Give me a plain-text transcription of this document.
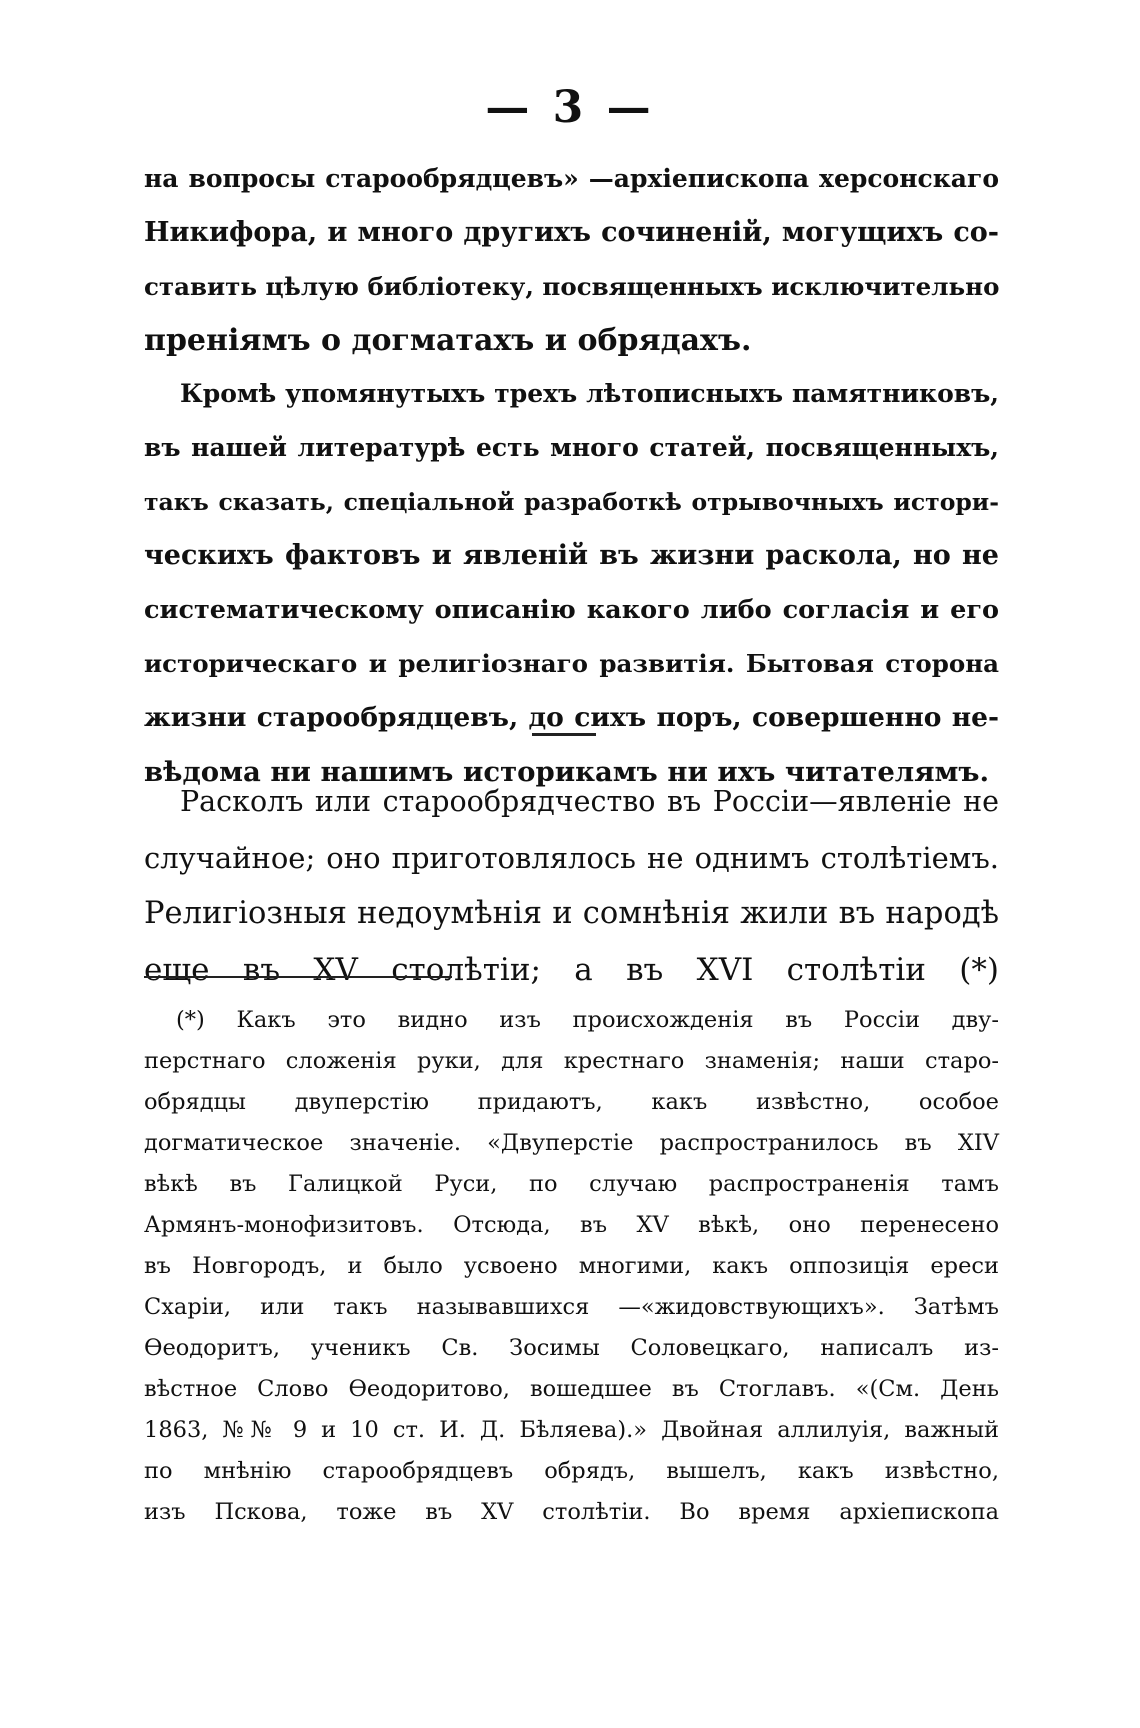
— 3 —
на вопросы старообрядцевъ» —архіепископа херсонскаго
Никифора, и много другихъ сочиненій, могущихъ со-
ставить цѣлую библіотеку, посвященныхъ исключительно
преніямъ о догматахъ и обрядахъ.
Кромѣ упомянутыхъ трехъ лѣтописныхъ памятниковъ,
въ нашей литературѣ есть много статей, посвященныхъ,
такъ сказать, спеціальной разработкѣ отрывочныхъ истори-
ческихъ фактовъ и явленій въ жизни раскола, но не
систематическому описанію какого либо согласія и его
историческаго и религіознаго развитія. Бытовая сторона
жизни старообрядцевъ, до сихъ поръ, совершенно не-
вѣдома ни нашимъ историкамъ ни ихъ читателямъ.
Расколъ или старообрядчество въ Россіи—явленіе не
случайное; оно приготовлялось не однимъ столѣтіемъ.
Религіозныя недоумѣнія и сомнѣнія жили въ народѣ
еще въ XV столѣтіи; а въ XVI столѣтіи (*)
(*) Какъ это видно изъ происхожденія въ Россіи дву-
перстнаго сложенія руки, для крестнаго знаменія; наши старо-
обрядцы двуперстію придаютъ, какъ извѣстно, особое
догматическое значеніе. «Двуперстіе распространилось въ XIV
вѣкѣ въ Галицкой Руси, по случаю распространенія тамъ
Армянъ-монофизитовъ. Отсюда, въ XV вѣкѣ, оно перенесено
въ Новгородъ, и было усвоено многими, какъ оппозиція ереси
Схаріи, или такъ называвшихся —«жидовствующихъ». Затѣмъ
Ѳеодоритъ, ученикъ Св. Зосимы Соловецкаго, написалъ из-
вѣстное Слово Ѳеодоритово, вошедшее въ Стоглавъ. «(См. День
1863, №№ 9 и 10 ст. И. Д. Бѣляева).» Двойная аллилуія, важный
по мнѣнію старообрядцевъ обрядъ, вышелъ, какъ извѣстно,
изъ Пскова, тоже въ XV столѣтіи. Во время архіепископа
